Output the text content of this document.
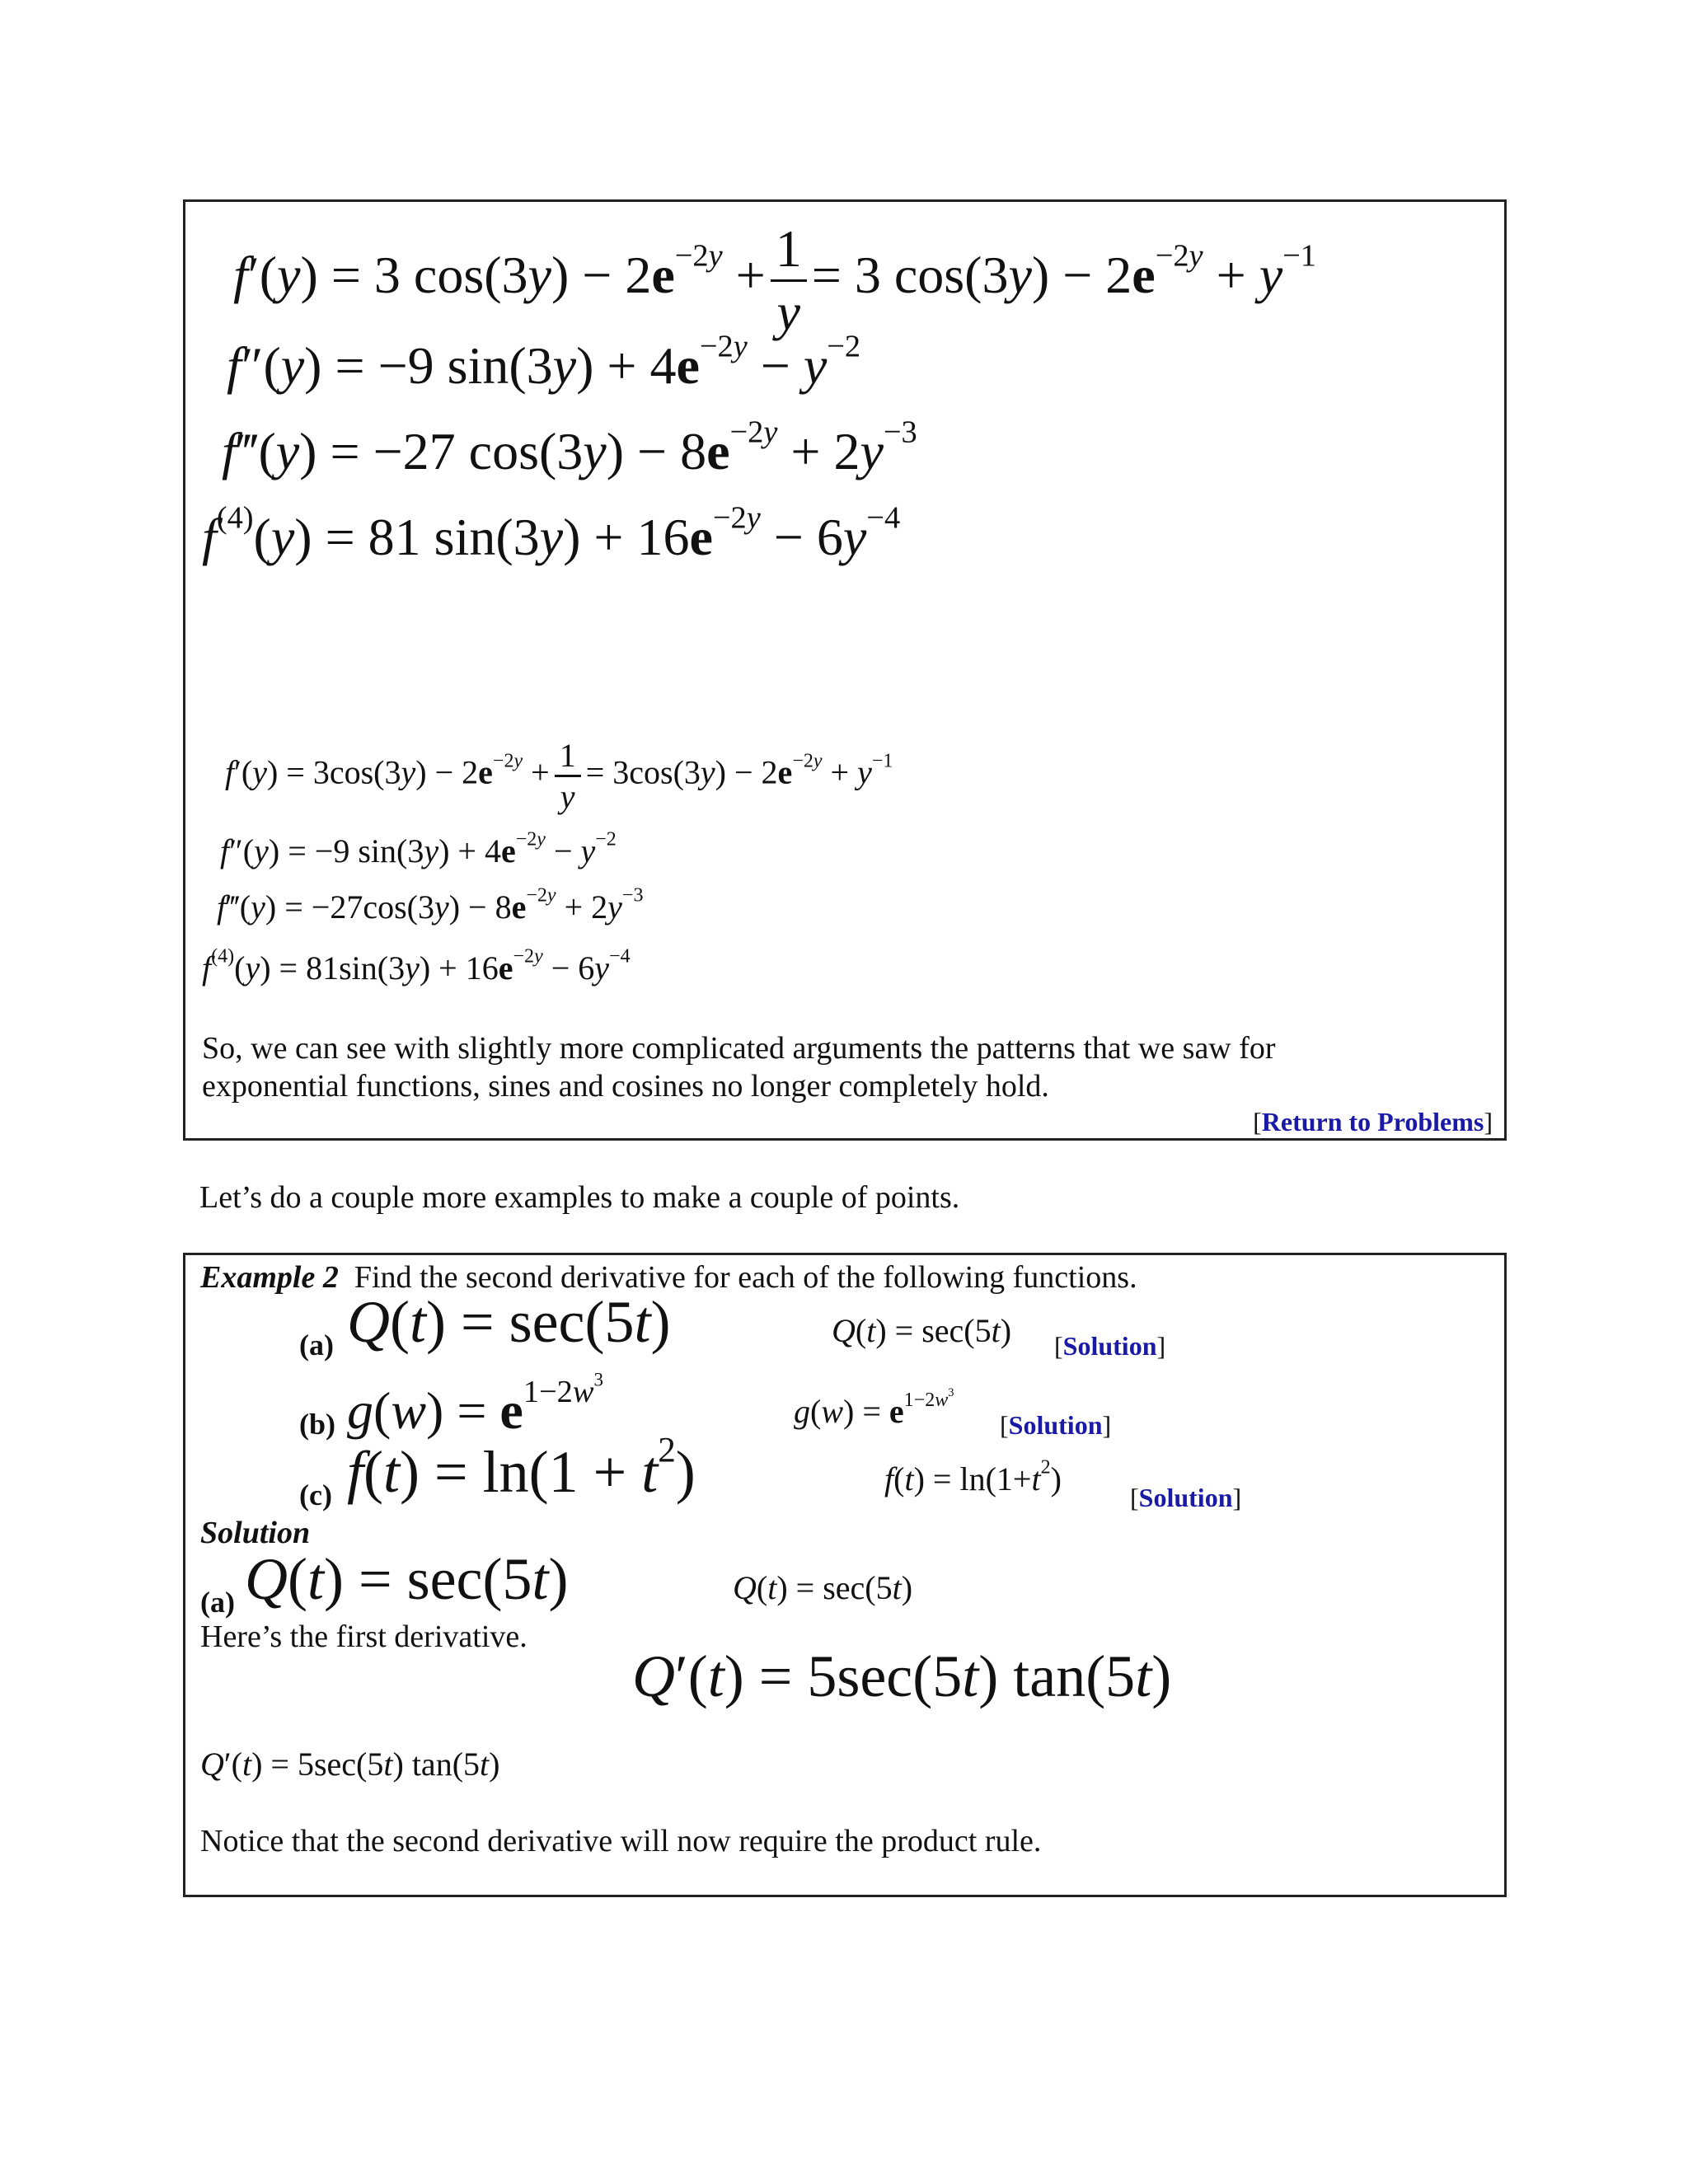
f′(y) = 3 $\cos(3y) - 2e^{-2y} + \frac{1}{y} = 3$ $\cos(3y) - 2e^{-2y} + y^{-1}$
f″(y) = −9 $\sin(3y) + 4e^{-2y} - y^{-2}$
f‴(y) = −27 $\cos(3y) - 8e^{-2y} + 2y^{-3}$
$f^{(4)}(y) = 81$ $\sin(3y) + 16e^{-2y} - 6y^{-4}$
$f'(y) = 3\cos(3y) - 2e^{-2y} + \frac{1}{y} = 3\cos(3y) - 2e^{-2y} + y^{-1}$
f″(y) = −9 $\sin(3y) + 4e^{-2y} - y^{-2}$
f‴(y) = $-27\cos(3y) - 8e^{-2y} + 2y^{-3}$
$f^{(4)}(y) = 81\sin(3y) + 16e^{-2y} - 6y^{-4}$
So, we can see with slightly more complicated arguments the patterns that we saw for exponential functions, sines and cosines no longer completely hold.
[Return to Problems]
Let’s do a couple more examples to make a couple of points.
Example 2 Find the second derivative for each of the following functions.
(a) Q(t) = sec(5t)	Q(t) = sec(5t) [Solution]
(b) $g(w) = e^{1-2w^3}$
$g(w) = e^{1-2w^3}$
[Solution]
(c) $f(t) = \ln(1 + t^2)$	$f(t) = \ln(1+t^2)$	[Solution]
Solution
(a) Q(t) = sec(5t)	Q(t) = sec(5t)
Here’s the first derivative.
Q′(t) = 5sec(5t) tan(5t)
Q′(t) = 5sec(5t) tan(5t)
Notice that the second derivative will now require the product rule.
